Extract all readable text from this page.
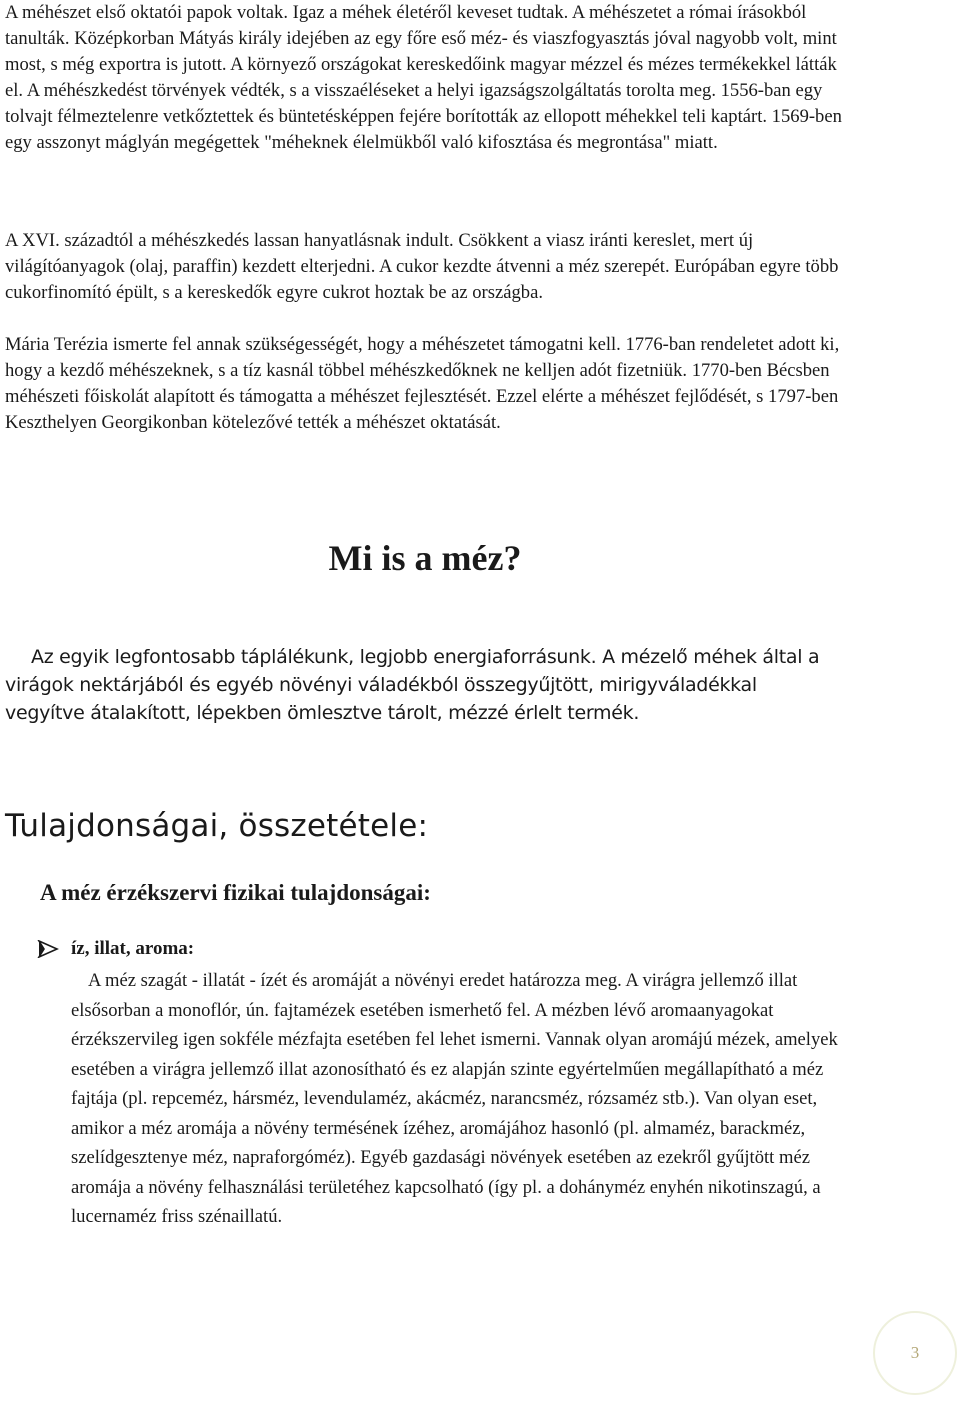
A méhészet első oktatói papok voltak. Igaz a méhek életéről keveset tudtak. A méhészetet a római írásokból tanulták. Középkorban Mátyás király idejében az egy főre eső méz- és viaszfogyasztás jóval nagyobb volt, mint most, s még exportra is jutott. A környező országokat kereskedőink magyar mézzel és mézes termékekkel látták el. A méhészkedést törvények védték, s a visszaéléseket a helyi igazságszolgáltatás torolta meg. 1556-ban egy tolvajt félmeztelenre vetkőztettek és büntetésképpen fejére borították az ellopott méhekkel teli kaptárt. 1569-ben egy asszonyt máglyán megégettek "méheknek élelmükből való kifosztása és megrontása" miatt.

A XVI. századtól a méhészkedés lassan hanyatlásnak indult. Csökkent a viasz iránti kereslet, mert új világítóanyagok (olaj, paraffin) kezdett elterjedni. A cukor kezdte átvenni a méz szerepét. Európában egyre több cukorfinomító épült, s a kereskedők egyre cukrot hoztak be az országba.

Mária Terézia ismerte fel annak szükségességét, hogy a méhészetet támogatni kell. 1776-ban rendeletet adott ki, hogy a kezdő méhészeknek, s a tíz kasnál többel méhészkedőknek ne kelljen adót fizetniük. 1770-ben Bécsben méhészeti főiskolát alapított és támogatta a méhészet fejlesztését. Ezzel elérte a méhészet fejlődését, s 1797-ben Keszthelyen Georgikonban kötelezővé tették a méhészet oktatását.

Mi is a méz?

Az egyik legfontosabb táplálékunk, legjobb energiaforrásunk. A mézelő méhek által a virágok nektárjából és egyéb növényi váladékból összegyűjtött, mirigyváladékkal vegyítve átalakított, lépekben ömlesztve tárolt, mézzé érlelt termék.

Tulajdonságai, összetétele:
A méz érzékszervi fizikai tulajdonságai:
íz, illat, aroma:

A méz szagát - illatát - ízét és aromáját a növényi eredet határozza meg. A virágra jellemző illat elsősorban a monoflór, ún. fajtamézek esetében ismerhető fel. A mézben lévő aromaanyagokat érzékszervileg igen sokféle mézfajta esetében fel lehet ismerni. Vannak olyan aromájú mézek, amelyek esetében a virágra jellemző illat azonosítható és ez alapján szinte egyértelműen megállapítható a méz fajtája (pl. repceméz, hársméz, levendulaméz, akácméz, narancsméz, rózsaméz stb.). Van olyan eset, amikor a méz aromája a növény termésének ízéhez, aromájához hasonló (pl. almaméz, barackméz, szelídgesztenye méz, napraforgóméz). Egyéb gazdasági növények esetében az ezekről gyűjtött méz aromája a növény felhasználási területéhez kapcsolható (így pl. a dohányméz enyhén nikotinszagú, a lucernaméz friss szénaillatú.

3
